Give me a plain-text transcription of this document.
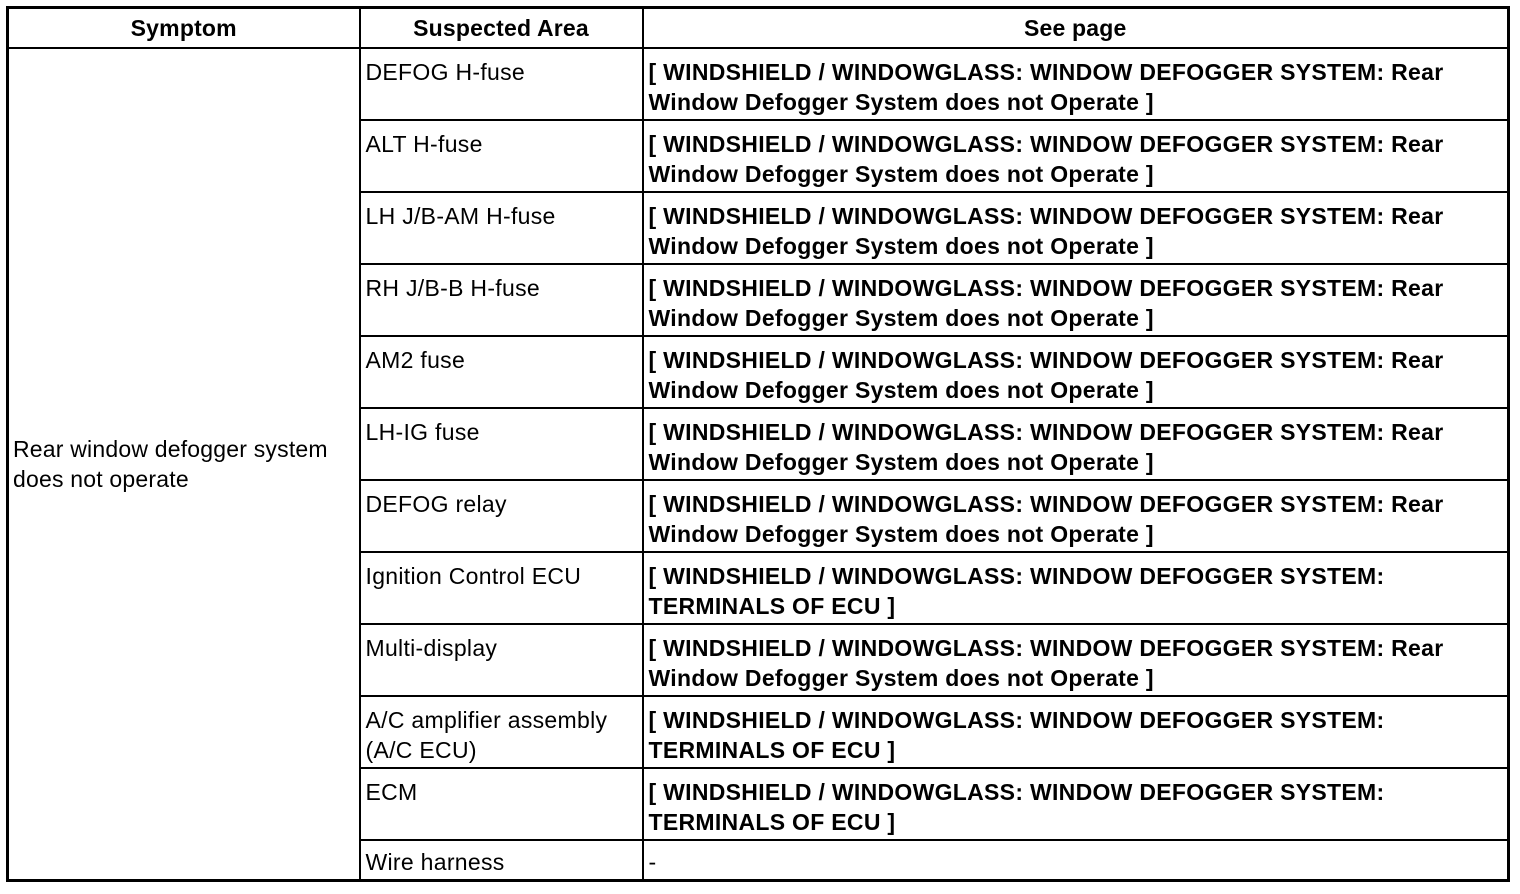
Symptom	Suspected Area	See page
Rear window defogger system does not operate	DEFOG H-fuse	[ WINDSHIELD / WINDOWGLASS: WINDOW DEFOGGER SYSTEM: Rear Window Defogger System does not Operate ]
	ALT H-fuse	[ WINDSHIELD / WINDOWGLASS: WINDOW DEFOGGER SYSTEM: Rear Window Defogger System does not Operate ]
	LH J/B-AM H-fuse	[ WINDSHIELD / WINDOWGLASS: WINDOW DEFOGGER SYSTEM: Rear Window Defogger System does not Operate ]
	RH J/B-B H-fuse	[ WINDSHIELD / WINDOWGLASS: WINDOW DEFOGGER SYSTEM: Rear Window Defogger System does not Operate ]
	AM2 fuse	[ WINDSHIELD / WINDOWGLASS: WINDOW DEFOGGER SYSTEM: Rear Window Defogger System does not Operate ]
	LH-IG fuse	[ WINDSHIELD / WINDOWGLASS: WINDOW DEFOGGER SYSTEM: Rear Window Defogger System does not Operate ]
	DEFOG relay	[ WINDSHIELD / WINDOWGLASS: WINDOW DEFOGGER SYSTEM: Rear Window Defogger System does not Operate ]
	Ignition Control ECU	[ WINDSHIELD / WINDOWGLASS: WINDOW DEFOGGER SYSTEM: TERMINALS OF ECU ]
	Multi-display	[ WINDSHIELD / WINDOWGLASS: WINDOW DEFOGGER SYSTEM: Rear Window Defogger System does not Operate ]
	A/C amplifier assembly (A/C ECU)	[ WINDSHIELD / WINDOWGLASS: WINDOW DEFOGGER SYSTEM: TERMINALS OF ECU ]
	ECM	[ WINDSHIELD / WINDOWGLASS: WINDOW DEFOGGER SYSTEM: TERMINALS OF ECU ]
	Wire harness	-
